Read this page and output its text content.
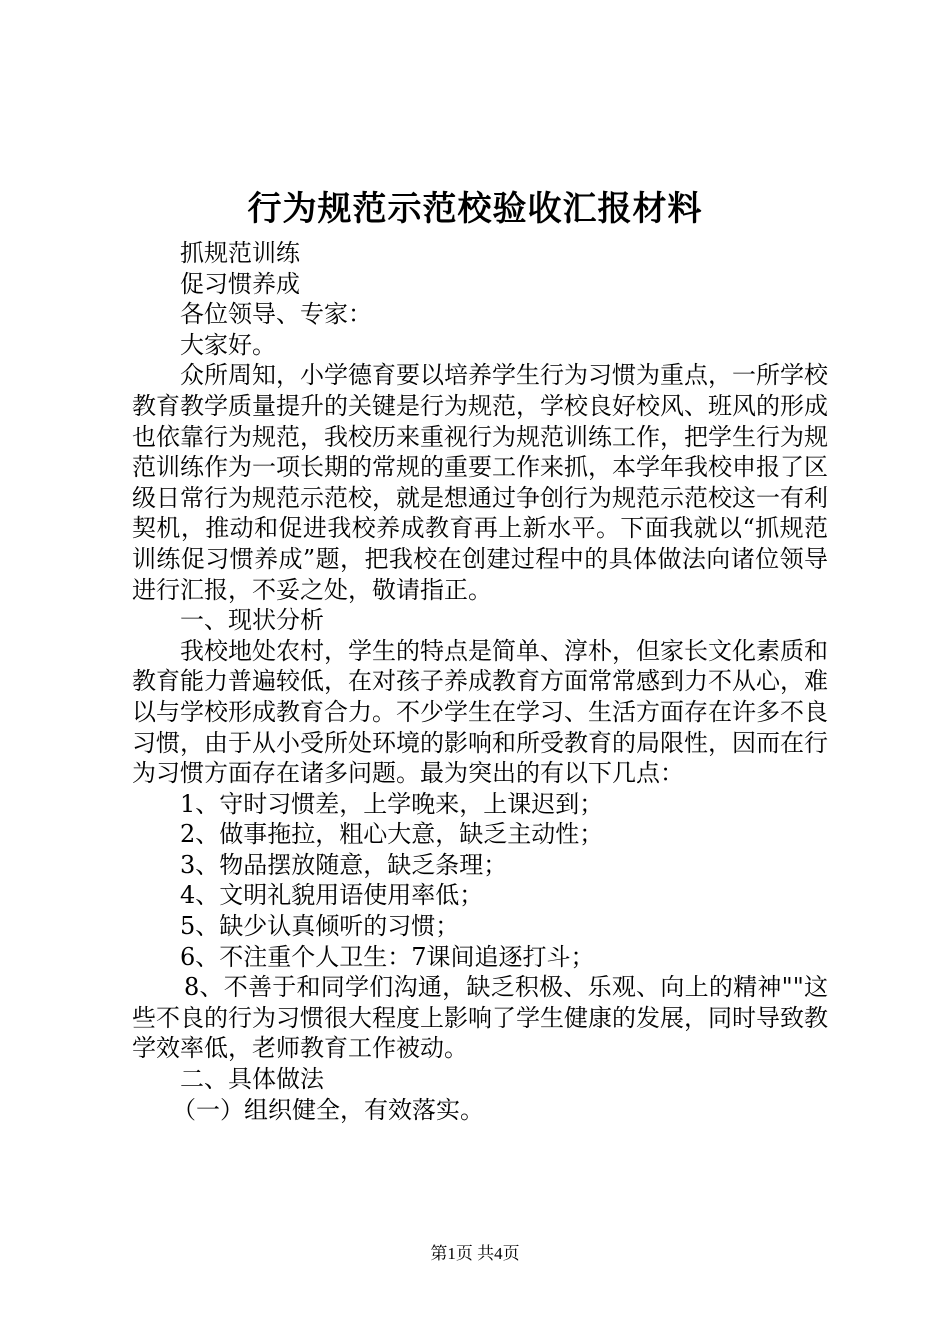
行为规范示范校验收汇报材料

抓规范训练

促习惯养成

各位领导、专家：

大家好。

众所周知，小学德育要以培养学生行为习惯为重点，一所学校教育教学质量提升的关键是行为规范，学校良好校风、班风的形成也依靠行为规范，我校历来重视行为规范训练工作，把学生行为规范训练作为一项长期的常规的重要工作来抓，本学年我校申报了区级日常行为规范示范校，就是想通过争创行为规范示范校这一有利契机，推动和促进我校养成教育再上新水平。下面我就以“抓规范训练促习惯养成”题，把我校在创建过程中的具体做法向诸位领导进行汇报，不妥之处，敬请指正。

一、现状分析

我校地处农村，学生的特点是简单、淳朴，但家长文化素质和教育能力普遍较低，在对孩子养成教育方面常常感到力不从心，难以与学校形成教育合力。不少学生在学习、生活方面存在许多不良习惯，由于从小受所处环境的影响和所受教育的局限性，因而在行为习惯方面存在诸多问题。最为突出的有以下几点：

1、守时习惯差，上学晚来，上课迟到；

2、做事拖拉，粗心大意，缺乏主动性；

3、物品摆放随意，缺乏条理；

4、文明礼貌用语使用率低；

5、缺少认真倾听的习惯；

6、不注重个人卫生：7课间追逐打斗；

8、不善于和同学们沟通，缺乏积极、乐观、向上的精神""这些不良的行为习惯很大程度上影响了学生健康的发展，同时导致教学效率低，老师教育工作被动。

二、具体做法

（一）组织健全，有效落实。

第1页 共4页
